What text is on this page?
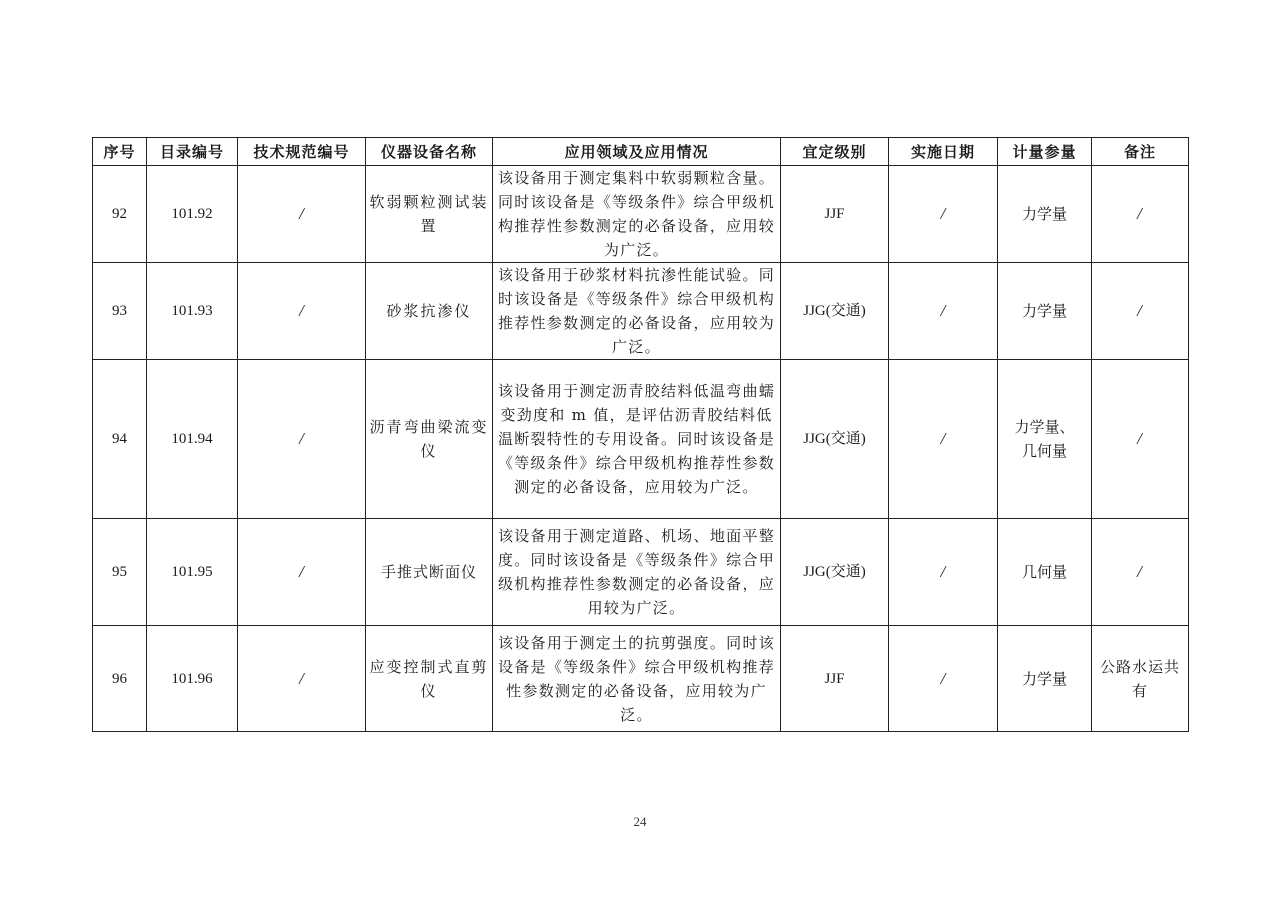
序号	目录编号	技术规范编号	仪器设备名称	应用领域及应用情况	宜定级别	实施日期	计量参量	备注
92	101.92	/	软弱颗粒测试装置	该设备用于测定集料中软弱颗粒含量。同时该设备是《等级条件》综合甲级机构推荐性参数测定的必备设备，应用较为广泛。	JJF	/	力学量	/
93	101.93	/	砂浆抗渗仪	该设备用于砂浆材料抗渗性能试验。同时该设备是《等级条件》综合甲级机构推荐性参数测定的必备设备，应用较为广泛。	JJG(交通)	/	力学量	/
94	101.94	/	沥青弯曲梁流变仪	该设备用于测定沥青胶结料低温弯曲蠕变劲度和 m 值，是评估沥青胶结料低温断裂特性的专用设备。同时该设备是《等级条件》综合甲级机构推荐性参数测定的必备设备，应用较为广泛。	JJG(交通)	/	力学量、几何量	/
95	101.95	/	手推式断面仪	该设备用于测定道路、机场、地面平整度。同时该设备是《等级条件》综合甲级机构推荐性参数测定的必备设备，应用较为广泛。	JJG(交通)	/	几何量	/
96	101.96	/	应变控制式直剪仪	该设备用于测定土的抗剪强度。同时该设备是《等级条件》综合甲级机构推荐性参数测定的必备设备，应用较为广泛。	JJF	/	力学量	公路水运共有
24
